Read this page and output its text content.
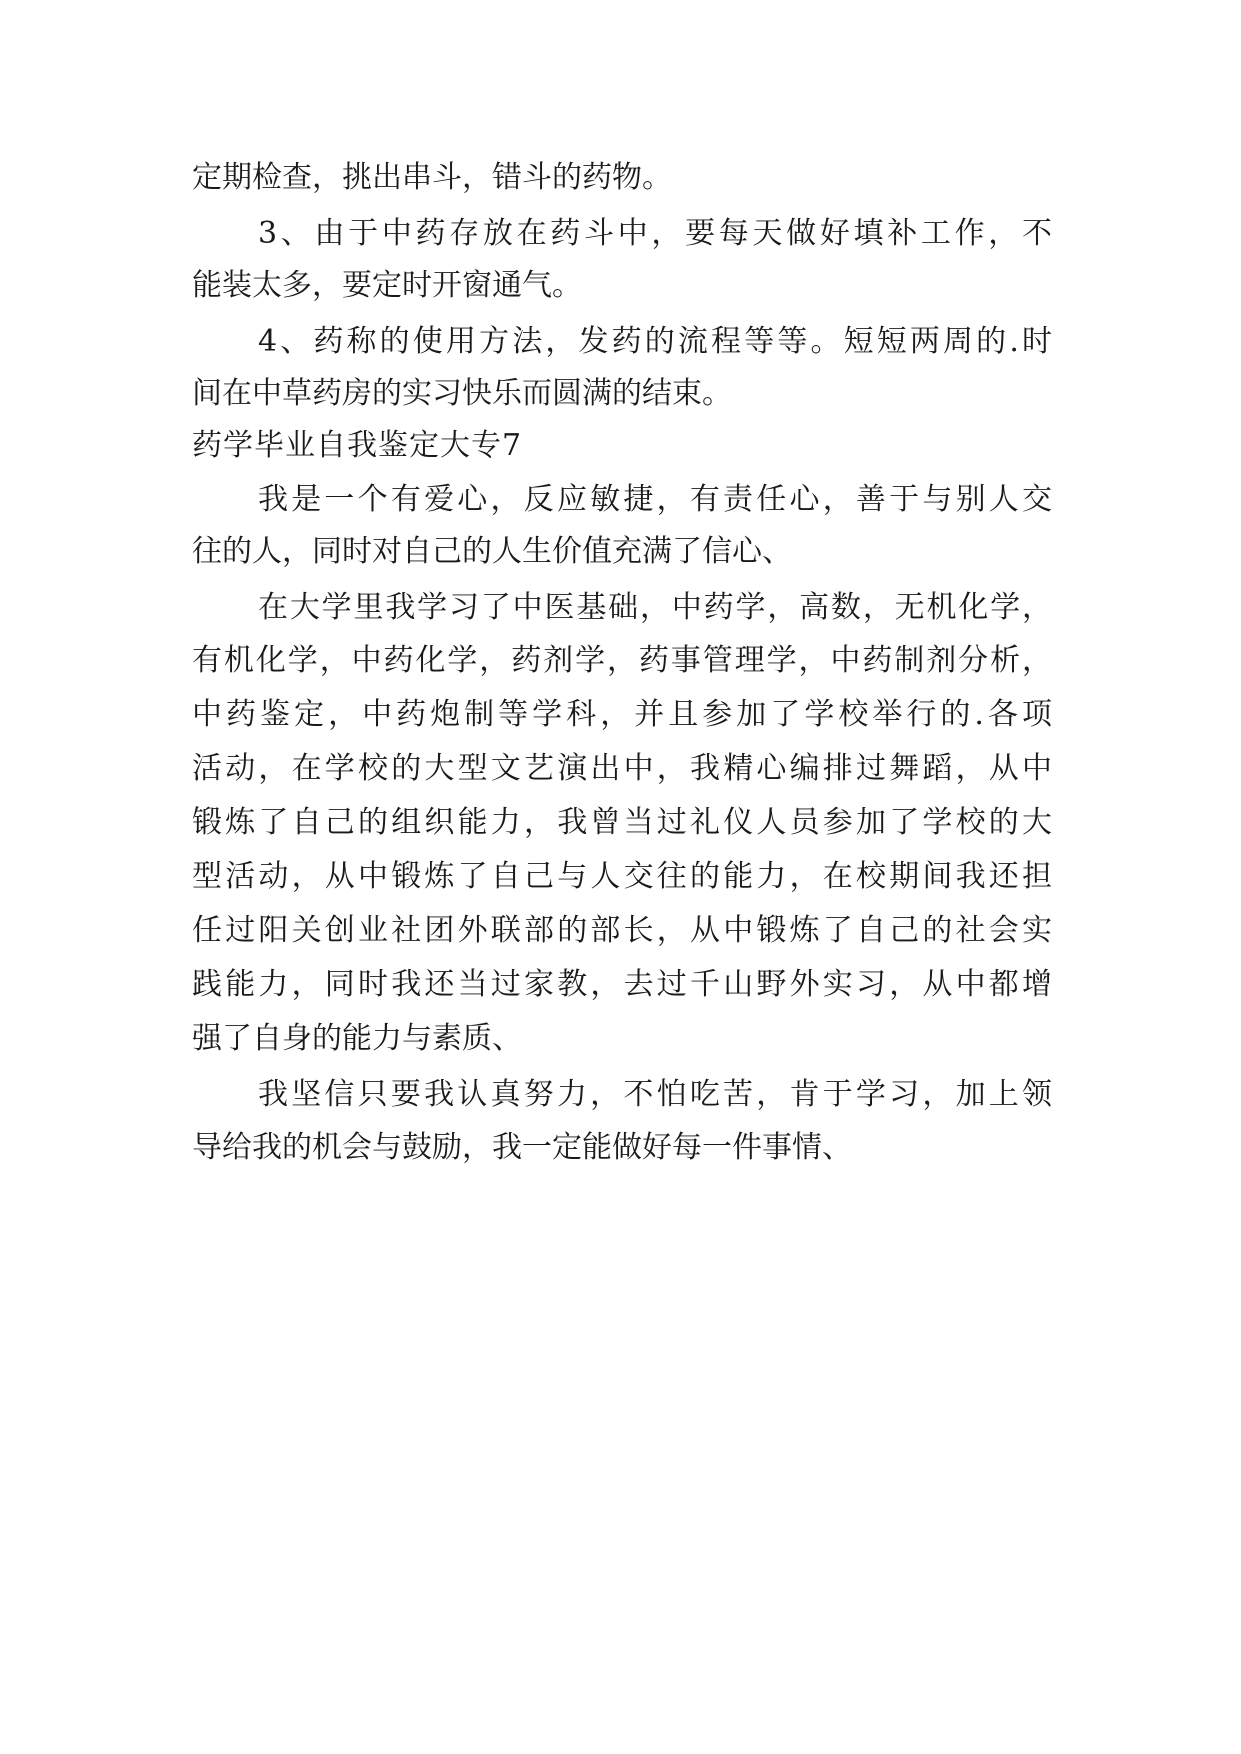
定期检查，挑出串斗，错斗的药物。
3、由于中药存放在药斗中，要每天做好填补工作，不
能装太多，要定时开窗通气。
4、药称的使用方法，发药的流程等等。短短两周的.时
间在中草药房的实习快乐而圆满的结束。
药学毕业自我鉴定大专7
我是一个有爱心，反应敏捷，有责任心，善于与别人交
往的人，同时对自己的人生价值充满了信心、
在大学里我学习了中医基础，中药学，高数，无机化学，
有机化学，中药化学，药剂学，药事管理学，中药制剂分析，
中药鉴定，中药炮制等学科，并且参加了学校举行的.各项
活动，在学校的大型文艺演出中，我精心编排过舞蹈，从中
锻炼了自己的组织能力，我曾当过礼仪人员参加了学校的大
型活动，从中锻炼了自己与人交往的能力，在校期间我还担
任过阳关创业社团外联部的部长，从中锻炼了自己的社会实
践能力，同时我还当过家教，去过千山野外实习，从中都增
强了自身的能力与素质、
我坚信只要我认真努力，不怕吃苦，肯于学习，加上领
导给我的机会与鼓励，我一定能做好每一件事情、
